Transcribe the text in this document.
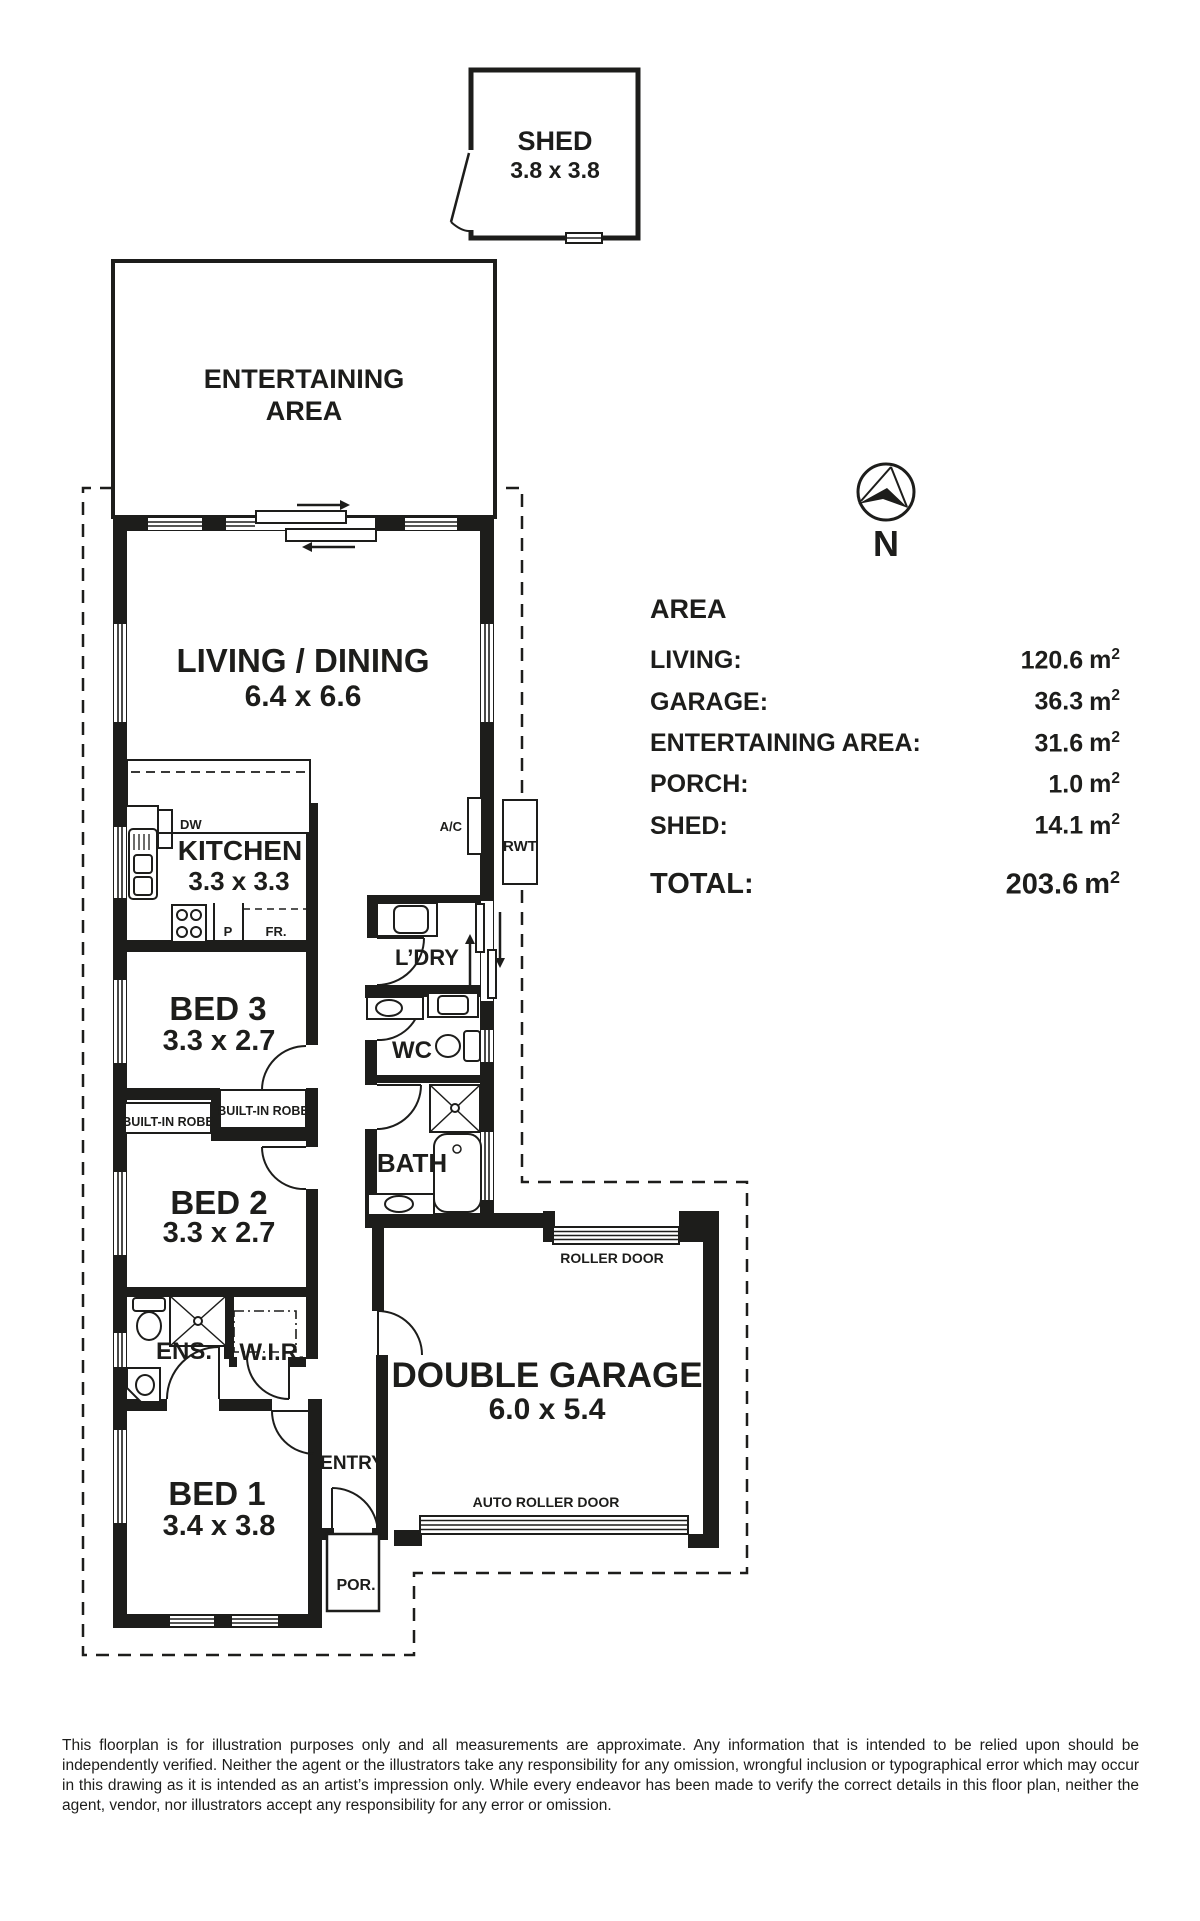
SHED
3.8 x 3.8
ENTERTAINING
AREA
BUILT-IN ROBE
BUILT-IN ROBE
A/C
RWT
ROLLER DOOR
AUTO ROLLER DOOR
POR.
N
LIVING / DINING
6.4 x 6.6
KITCHEN
3.3 x 3.3
DW
P	FR.
L’DRY
WC
BATH
BED 3
3.3 x 2.7
BED 2
3.3 x 2.7
ENS. W.I.R.
BED 1
3.4 x 3.8
ENTRY
DOUBLE GARAGE
6.0 x 5.4
AREA
LIVING:	120.6 $m^2$
GARAGE:	36.3 $m^2$
ENTERTAINING AREA:	31.6 $m^2$
PORCH:	1.0 $m^2$
SHED:	14.1 $m^2$
TOTAL:	203.6 $m^2$
This floorplan is for illustration purposes only and all measurements are approximate. Any information that is intended to be relied upon should be independently verified. Neither the agent or the illustrators take any responsibility for any omission, wrongful inclusion or typographical error which may occur in this drawing as it is intended as an artist’s impression only. While every endeavor has been made to verify the correct details in this floor plan, neither the agent, vendor, nor illustrators accept any responsibility for any error or omission.
